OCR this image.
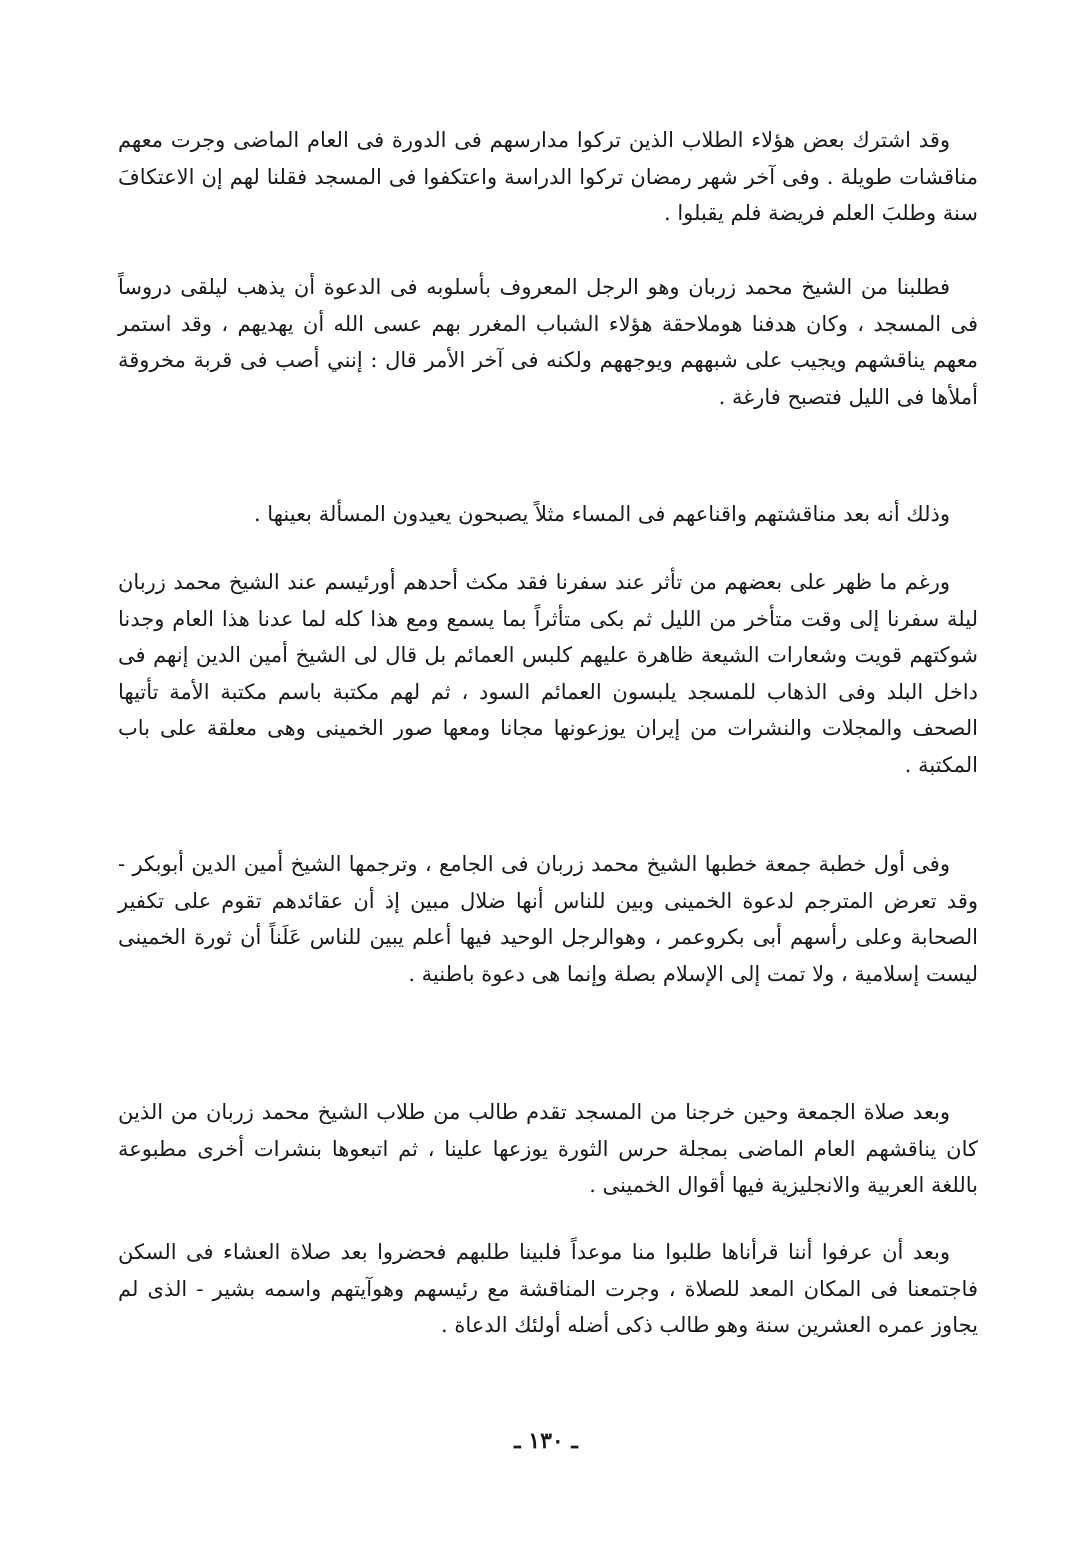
وقد اشترك بعض هؤلاء الطلاب الذين تركوا مدارسهم فى الدورة فى العام الماضى وجرت معهم مناقشات طويلة . وفى آخر شهر رمضان تركوا الدراسة واعتكفوا فى المسجد فقلنا لهم إن الاعتكافَ سنة وطلبَ العلم فريضة فلم يقبلوا .

فطلبنا من الشيخ محمد زربان وهو الرجل المعروف بأسلوبه فى الدعوة أن يذهب ليلقى دروساً فى المسجد ، وكان هدفنا هوملاحقة هؤلاء الشباب المغرر بهم عسى الله أن يهديهم ، وقد استمر معهم يناقشهم ويجيب على شبههم ويوجههم ولكنه فى آخر الأمر قال : إنني أصب فى قربة مخروقة أملأها فى الليل فتصبح فارغة .

وذلك أنه بعد مناقشتهم واقناعهم فى المساء مثلاً يصبحون يعيدون المسألة بعينها .

ورغم ما ظهر على بعضهم من تأثر عند سفرنا فقد مكث أحدهم أورئيسم عند الشيخ محمد زربان ليلة سفرنا إلى وقت متأخر من الليل ثم بكى متأثراً بما يسمع ومع هذا كله لما عدنا هذا العام وجدنا شوكتهم قويت وشعارات الشيعة ظاهرة عليهم كلبس العمائم بل قال لى الشيخ أمين الدين إنهم فى داخل البلد وفى الذهاب للمسجد يلبسون العمائم السود ، ثم لهم مكتبة باسم مكتبة الأمة تأتيها الصحف والمجلات والنشرات من إيران يوزعونها مجانا ومعها صور الخمينى وهى معلقة على باب المكتبة .

وفى أول خطبة جمعة خطبها الشيخ محمد زربان فى الجامع ، وترجمها الشيخ أمين الدين أبوبكر - وقد تعرض المترجم لدعوة الخمينى وبين للناس أنها ضلال مبين إذ أن عقائدهم تقوم على تكفير الصحابة وعلى رأسهم أبى بكروعمر ، وهوالرجل الوحيد فيها أعلم يبين للناس عَلَناً أن ثورة الخمينى ليست إسلامية ، ولا تمت إلى الإسلام بصلة وإنما هى دعوة باطنية .

وبعد صلاة الجمعة وحين خرجنا من المسجد تقدم طالب من طلاب الشيخ محمد زربان من الذين كان يناقشهم العام الماضى بمجلة حرس الثورة يوزعها علينا ، ثم اتبعوها بنشرات أخرى مطبوعة باللغة العربية والانجليزية فيها أقوال الخمينى .

وبعد أن عرفوا أننا قرأناها طلبوا منا موعداً فلبينا طلبهم فحضروا بعد صلاة العشاء فى السكن فاجتمعنا فى المكان المعد للصلاة ، وجرت المناقشة مع رئيسهم وهوآيتهم واسمه بشير - الذى لم يجاوز عمره العشرين سنة وهو طالب ذكى أضله أولئك الدعاة .

ـ ١٣٠ ـ
